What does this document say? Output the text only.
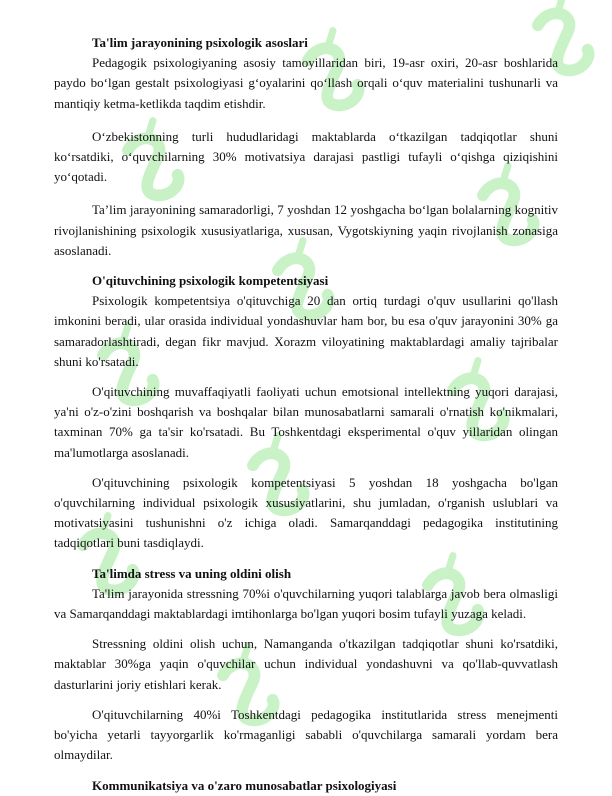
Ta'lim jarayonining psixologik asoslari

Pedagogik psixologiyaning asosiy tamoyillaridan biri, 19-asr oxiri, 20-asr boshlarida paydo bo‘lgan gestalt psixologiyasi g‘oyalarini qo‘llash orqali o‘quv materialini tushunarli va mantiqiy ketma-ketlikda taqdim etishdir.

O‘zbekistonning turli hududlaridagi maktablarda o‘tkazilgan tadqiqotlar shuni ko‘rsatdiki, o‘quvchilarning 30% motivatsiya darajasi pastligi tufayli o‘qishga qiziqishini yo‘qotadi.

Ta’lim jarayonining samaradorligi, 7 yoshdan 12 yoshgacha bo‘lgan bolalarning kognitiv rivojlanishining psixologik xususiyatlariga, xususan, Vygotskiyning yaqin rivojlanish zonasiga asoslanadi.

O'qituvchining psixologik kompetentsiyasi

Psixologik kompetentsiya o'qituvchiga 20 dan ortiq turdagi o'quv usullarini qo'llash imkonini beradi, ular orasida individual yondashuvlar ham bor, bu esa o'quv jarayonini 30% ga samaradorlashtiradi, degan fikr mavjud. Xorazm viloyatining maktablardagi amaliy tajribalar shuni ko'rsatadi.

O'qituvchining muvaffaqiyatli faoliyati uchun emotsional intellektning yuqori darajasi, ya'ni o'z-o'zini boshqarish va boshqalar bilan munosabatlarni samarali o'rnatish ko'nikmalari, taxminan 70% ga ta'sir ko'rsatadi. Bu Toshkentdagi eksperimental o'quv yillaridan olingan ma'lumotlarga asoslanadi.

O'qituvchining psixologik kompetentsiyasi 5 yoshdan 18 yoshgacha bo'lgan o'quvchilarning individual psixologik xususiyatlarini, shu jumladan, o'rganish uslublari va motivatsiyasini tushunishni o'z ichiga oladi. Samarqanddagi pedagogika institutining tadqiqotlari buni tasdiqlaydi.

Ta'limda stress va uning oldini olish

Ta'lim jarayonida stressning 70%i o'quvchilarning yuqori talablarga javob bera olmasligi va Samarqanddagi maktablardagi imtihonlarga bo'lgan yuqori bosim tufayli yuzaga keladi.

Stressning oldini olish uchun, Namanganda o'tkazilgan tadqiqotlar shuni ko'rsatdiki, maktablar 30%ga yaqin o'quvchilar uchun individual yondashuvni va qo'llab-quvvatlash dasturlarini joriy etishlari kerak.

O'qituvchilarning 40%i Toshkentdagi pedagogika institutlarida stress menejmenti bo'yicha yetarli tayyorgarlik ko'rmaganligi sababli o'quvchilarga samarali yordam bera olmaydilar.

Kommunikatsiya va o'zaro munosabatlar psixologiyasi
